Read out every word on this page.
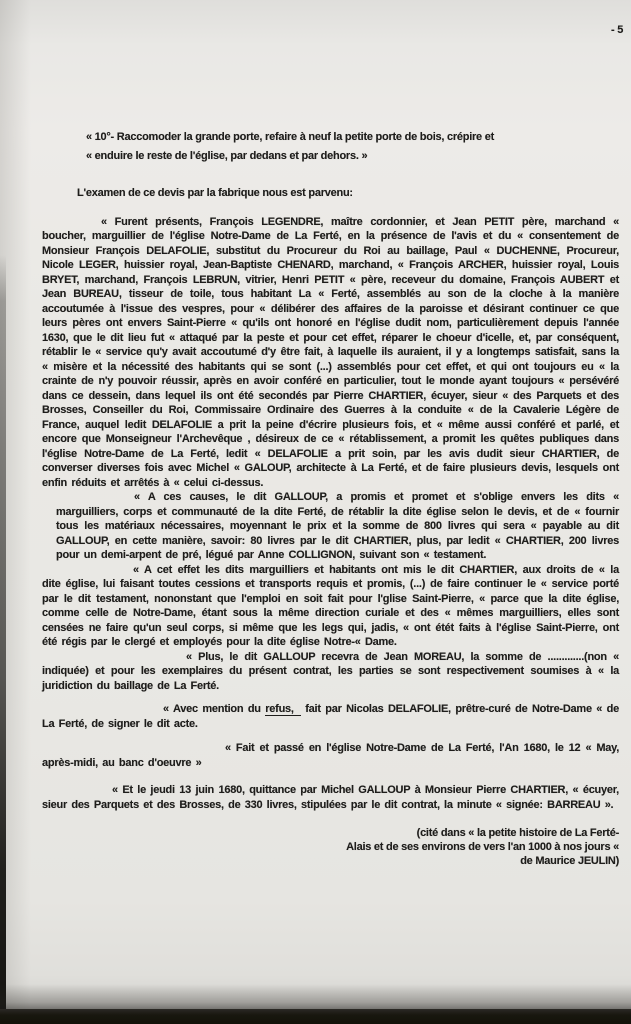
- 5
« 10°- Raccomoder la grande porte, refaire à neuf la petite porte de bois, crépire et
« enduire le reste de l'église, par dedans et par dehors. »
L'examen de ce devis par la fabrique nous est parvenu:

« Furent présents, François LEGENDRE, maître cordonnier, et Jean PETIT père, marchand « boucher, marguillier de l'église Notre-Dame de La Ferté, en la présence de l'avis et du « consentement de Monsieur François DELAFOLIE, substitut du Procureur du Roi au baillage, Paul « DUCHENNE, Procureur, Nicole LEGER, huissier royal, Jean-Baptiste CHENARD, marchand, « François ARCHER, huissier royal, Louis BRYET, marchand, François LEBRUN, vitrier, Henri PETIT « père, receveur du domaine, François AUBERT et Jean BUREAU, tisseur de toile, tous habitant La « Ferté, assemblés au son de la cloche à la manière accoutumée à l'issue des vespres, pour « délibérer des affaires de la paroisse et désirant continuer ce que leurs pères ont envers Saint-Pierre « qu'ils ont honoré en l'église dudit nom, particulièrement depuis l'année 1630, que le dit lieu fut « attaqué par la peste et pour cet effet, réparer le choeur d'icelle, et, par conséquent, rétablir le « service qu'y avait accoutumé d'y être fait, à laquelle ils auraient, il y a longtemps satisfait, sans la « misère et la nécessité des habitants qui se sont (...) assemblés pour cet effet, et qui ont toujours eu « la crainte de n'y pouvoir réussir, après en avoir conféré en particulier, tout le monde ayant toujours « persévéré dans ce dessein, dans lequel ils ont été secondés par Pierre CHARTIER, écuyer, sieur « des Parquets et des Brosses, Conseiller du Roi, Commissaire Ordinaire des Guerres à la conduite « de la Cavalerie Légère de France, auquel ledit DELAFOLIE a prit la peine d'écrire plusieurs fois, et « même aussi conféré et parlé, et encore que Monseigneur l'Archevêque , désireux de ce « rétablissement, a promit les quêtes publiques dans l'église Notre-Dame de La Ferté, ledit « DELAFOLIE a prit soin, par les avis dudit sieur CHARTIER, de converser diverses fois avec Michel « GALOUP, architecte à La Ferté, et de faire plusieurs devis, lesquels ont enfin réduits et arrêtés à « celui ci-dessus.

« A ces causes, le dit GALLOUP, a promis et promet et s'oblige envers les dits « marguilliers, corps et communauté de la dite Ferté, de rétablir la dite église selon le devis, et de « fournir tous les matériaux nécessaires, moyennant le prix et la somme de 800 livres qui sera « payable au dit GALLOUP, en cette manière, savoir: 80 livres par le dit CHARTIER, plus, par ledit « CHARTIER, 200 livres pour un demi-arpent de pré, légué par Anne COLLIGNON, suivant son « testament.

« A cet effet les dits marguilliers et habitants ont mis le dit CHARTIER, aux droits de « la dite église, lui faisant toutes cessions et transports requis et promis, (...) de faire continuer le « service porté par le dit testament, nononstant que l'emploi en soit fait pour l'glise Saint-Pierre, « parce que la dite église, comme celle de Notre-Dame, étant sous la même direction curiale et des « mêmes marguilliers, elles sont censées ne faire qu'un seul corps, si même que les legs qui, jadis, « ont étét faits à l'église Saint-Pierre, ont été régis par le clergé et employés pour la dite église Notre-« Dame.

« Plus, le dit GALLOUP recevra de Jean MOREAU, la somme de .............(non « indiquée) et pour les exemplaires du présent contrat, les parties se sont respectivement soumises à « la juridiction du baillage de La Ferté.

« Avec mention du refus, fait par Nicolas DELAFOLIE, prêtre-curé de Notre-Dame « de La Ferté, de signer le dit acte.

« Fait et passé en l'église Notre-Dame de La Ferté, l'An 1680, le 12 « May, après-midi, au banc d'oeuvre »

« Et le jeudi 13 juin 1680, quittance par Michel GALLOUP à Monsieur Pierre CHARTIER, « écuyer, sieur des Parquets et des Brosses, de 330 livres, stipulées par le dit contrat, la minute « signée: BARREAU ».

(cité dans « la petite histoire de La Ferté-
Alais et de ses environs de vers l'an 1000 à nos jours «
de Maurice JEULIN)
